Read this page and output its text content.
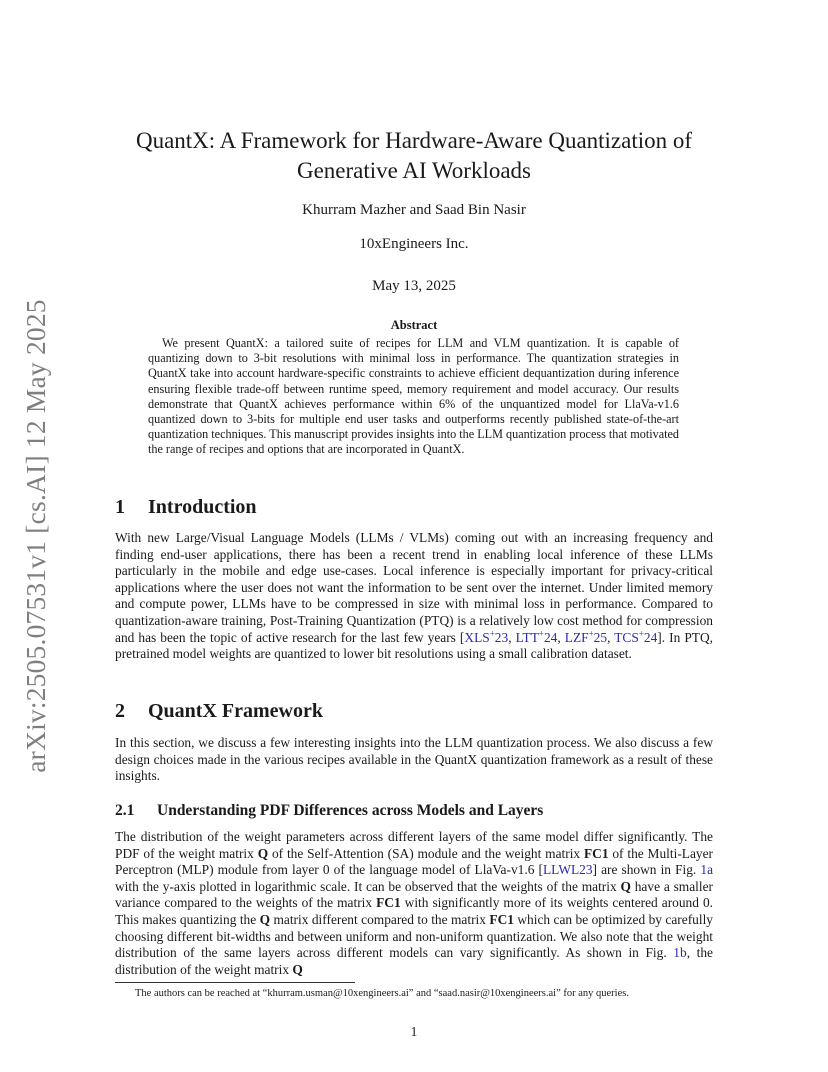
arXiv:2505.07531v1 [cs.AI] 12 May 2025
QuantX: A Framework for Hardware-Aware Quantization of
Generative AI Workloads
Khurram Mazher and Saad Bin Nasir
10xEngineers Inc.
May 13, 2025
Abstract

We present QuantX: a tailored suite of recipes for LLM and VLM quantization. It is capable of quantizing down to 3-bit resolutions with minimal loss in performance. The quantization strategies in QuantX take into account hardware-specific constraints to achieve efficient dequantization during inference ensuring flexible trade-off between runtime speed, memory requirement and model accuracy. Our results demonstrate that QuantX achieves performance within 6% of the unquantized model for LlaVa-v1.6 quantized down to 3-bits for multiple end user tasks and outperforms recently published state-of-the-art quantization techniques. This manuscript provides insights into the LLM quantization process that motivated the range of recipes and options that are incorporated in QuantX.

1 Introduction

With new Large/Visual Language Models (LLMs / VLMs) coming out with an increasing frequency and finding end-user applications, there has been a recent trend in enabling local inference of these LLMs particularly in the mobile and edge use-cases. Local inference is especially important for privacy-critical applications where the user does not want the information to be sent over the internet. Under limited memory and compute power, LLMs have to be compressed in size with minimal loss in performance. Compared to quantization-aware training, Post-Training Quantization (PTQ) is a relatively low cost method for compression and has been the topic of active research for the last few years [XLS+23, LTT+24, LZF+25, TCS+24]. In PTQ, pretrained model weights are quantized to lower bit resolutions using a small calibration dataset.

2 QuantX Framework

In this section, we discuss a few interesting insights into the LLM quantization process. We also discuss a few design choices made in the various recipes available in the QuantX quantization framework as a result of these insights.

2.1 Understanding PDF Differences across Models and Layers

The distribution of the weight parameters across different layers of the same model differ significantly. The PDF of the weight matrix Q of the Self-Attention (SA) module and the weight matrix FC1 of the Multi-Layer Perceptron (MLP) module from layer 0 of the language model of LlaVa-v1.6 [LLWL23] are shown in Fig. 1a with the y-axis plotted in logarithmic scale. It can be observed that the weights of the matrix Q have a smaller variance compared to the weights of the matrix FC1 with significantly more of its weights centered around 0. This makes quantizing the Q matrix different compared to the matrix FC1 which can be optimized by carefully choosing different bit-widths and between uniform and non-uniform quantization. We also note that the weight distribution of the same layers across different models can vary significantly. As shown in Fig. 1b, the distribution of the weight matrix Q

The authors can be reached at “khurram.usman@10xengineers.ai” and “saad.nasir@10xengineers.ai” for any queries.

1
